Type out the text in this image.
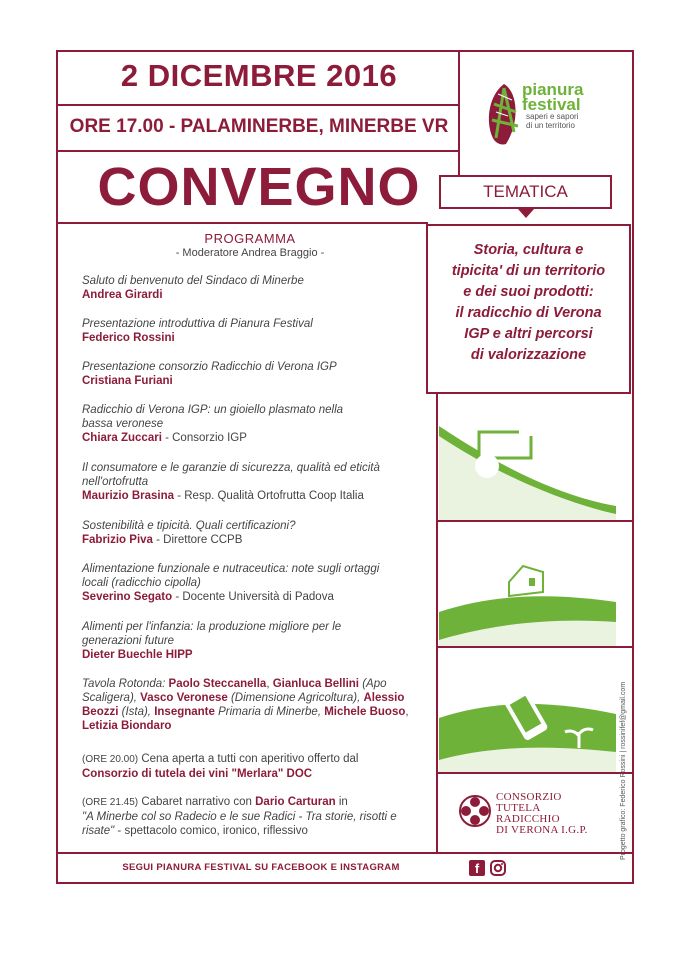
2 DICEMBRE 2016
ORE 17.00 - PALAMINERBE, MINERBE VR
CONVEGNO
pianura
festival
saperi e sapori
di un territorio
TEMATICA
Storia, cultura e
tipicita' di un territorio
e dei suoi prodotti:
il radicchio di Verona
IGP e altri percorsi
di valorizzazione
PROGRAMMA
- Moderatore Andrea Braggio -
Saluto di benvenuto del Sindaco di Minerbe
Andrea Girardi
Presentazione introduttiva di Pianura Festival
Federico Rossini
Presentazione consorzio Radicchio di Verona IGP
Cristiana Furiani
Radicchio di Verona IGP: un gioiello plasmato nella bassa veronese
Chiara Zuccari - Consorzio IGP
Il consumatore e le garanzie di sicurezza, qualità ed eticità nell'ortofrutta
Maurizio Brasina - Resp. Qualità Ortofrutta Coop Italia
Sostenibilità e tipicità. Quali certificazioni?
Fabrizio Piva - Direttore CCPB
Alimentazione funzionale e nutraceutica: note sugli ortaggi locali (radicchio cipolla)
Severino Segato - Docente Università di Padova
Alimenti per l'infanzia: la produzione migliore per le generazioni future
Dieter Buechle HIPP
Tavola Rotonda: Paolo Steccanella, Gianluca Bellini (Apo Scaligera), Vasco Veronese (Dimensione Agricoltura), Alessio Beozzi (Ista), Insegnante Primaria di Minerbe, Michele Buoso, Letizia Biondaro
(ORE 20.00) Cena aperta a tutti con aperitivo offerto dal
Consorzio di tutela dei vini "Merlara" DOC
(ORE 21.45) Cabaret narrativo con Dario Carturan in
"A Minerbe col so Radecio e le sue Radici - Tra storie, risotti e risate" - spettacolo comico, ironico, riflessivo
CONSORZIO
TUTELA
RADICCHIO
DI VERONA I.G.P.
SEGUI PIANURA FESTIVAL SU FACEBOOK E INSTAGRAM	f
Progetto grafico: Federico Rossini | rossinifef@gmail.com
